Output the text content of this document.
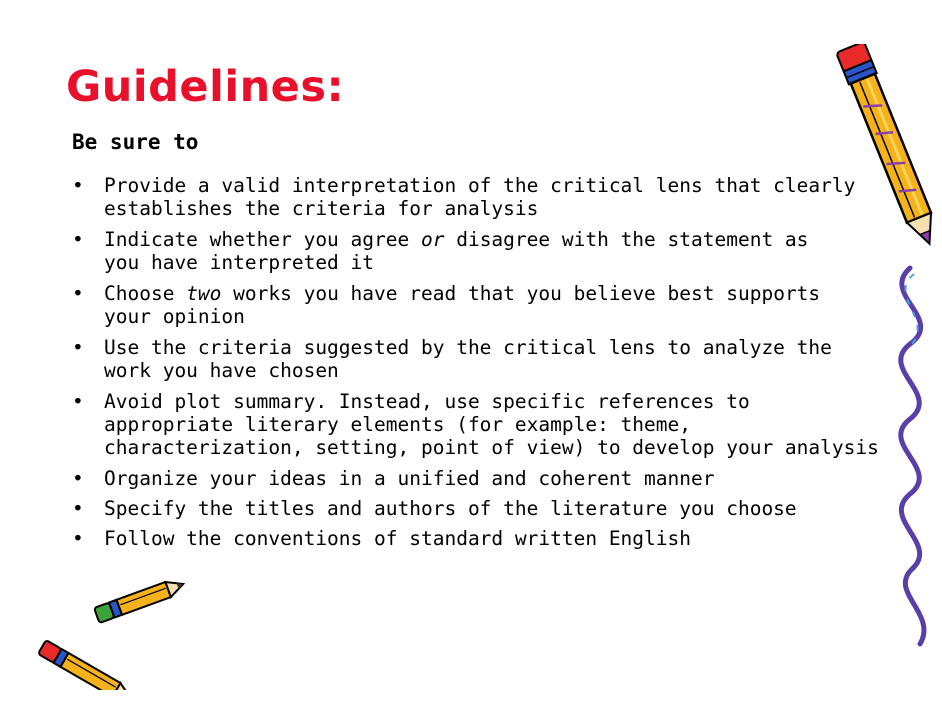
Guidelines:
Be sure to
• Provide a valid interpretation of the critical lens that clearly
establishes the criteria for analysis
• Indicate whether you agree or disagree with the statement as
you have interpreted it
• Choose two works you have read that you believe best supports
your opinion
• Use the criteria suggested by the critical lens to analyze the
work you have chosen
• Avoid plot summary. Instead, use specific references to
appropriate literary elements (for example: theme,
characterization, setting, point of view) to develop your analysis
• Organize your ideas in a unified and coherent manner
• Specify the titles and authors of the literature you choose
• Follow the conventions of standard written English
